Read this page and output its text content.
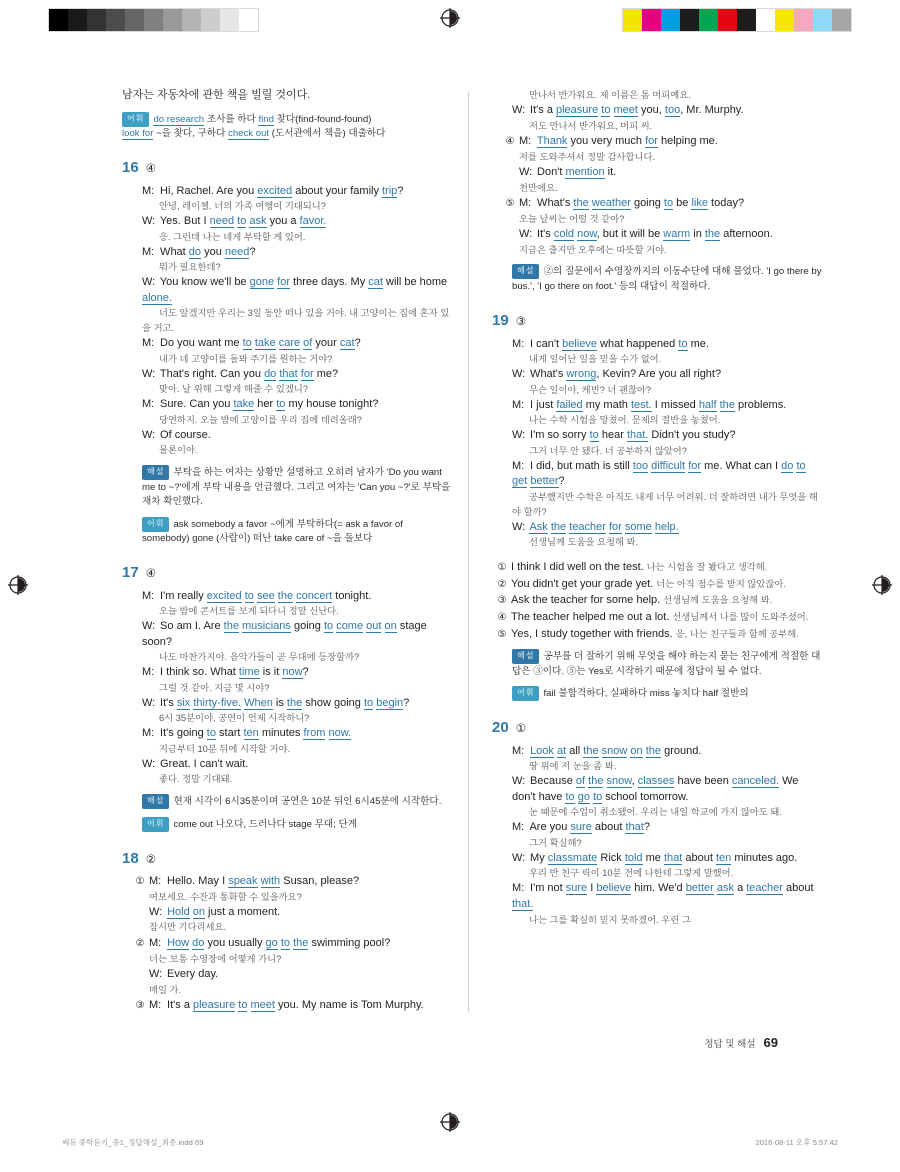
남자는 자동차에 관한 책을 빌릴 것이다.
어휘 do research 조사를 하다 find 찾다(find-found-found)
look for ~을 찾다, 구하다 check out (도서관에서 책을) 대출하다
16 ④
M: Hi, Rachel. Are you excited about your family trip?
안녕, 레이첼. 너의 가족 여행이 기대되니?
W: Yes. But I need to ask you a favor.
응. 그런데 나는 네게 부탁할 게 있어.
M: What do you need?
뭐가 필요한데?
W: You know we'll be gone for three days. My cat will be home alone.
너도 알겠지만 우리는 3일 동안 떠나 있을 거야. 내 고양이는 집에 혼자 있을 거고.
M: Do you want me to take care of your cat?
내가 네 고양이를 돌봐 주기를 원하는 거야?
W: That's right. Can you do that for me?
맞아. 날 위해 그렇게 해줄 수 있겠니?
M: Sure. Can you take her to my house tonight?
당연하지. 오늘 밤에 고양이를 우리 집에 데려올래?
W: Of course.
물론이야.
해설 부탁을 하는 여자는 상황만 설명하고 오히려 남자가 'Do you want me to ~?'에게 부탁 내용을 언급했다. 그리고 여자는 'Can you ~?'로 부탁을 재차 확인했다.
어휘 ask somebody a favor ~에게 부탁하다(= ask a favor of somebody) gone (사람이) 떠난 take care of ~을 돌보다
17 ④
M: I'm really excited to see the concert tonight.
오늘 밤에 콘서트를 보게 되다니 정말 신난다.
W: So am I. Are the musicians going to come out on stage soon?
나도 마찬가지야. 음악가들이 곧 무대에 등장할까?
M: I think so. What time is it now?
그럴 것 같아. 지금 몇 시야?
W: It's six thirty-five. When is the show going to begin?
6시 35분이야. 공연이 언제 시작하니?
M: It's going to start ten minutes from now.
지금부터 10분 뒤에 시작할 거야.
W: Great. I can't wait.
좋다. 정말 기대돼.
해설 현재 시각이 6시35분이며 공연은 10분 뒤인 6시45분에 시작한다.
어휘 come out 나오다, 드러나다 stage 무대; 단계
18 ②
① M: Hello. May I speak with Susan, please?
여보세요. 수잔과 통화할 수 있을까요?
W: Hold on just a moment.
잠시만 기다리세요.
② M: How do you usually go to the swimming pool?
너는 보통 수영장에 어떻게 가니?
W: Every day.
매일 가.
③ M: It's a pleasure to meet you. My name is Tom Murphy.
만나서 반가워요. 제 이름은 톰 머피예요.
W: It's a pleasure to meet you, too, Mr. Murphy.
저도 만나서 반가워요, 머피 씨.
④ M: Thank you very much for helping me.
저를 도와주셔서 정말 감사합니다.
W: Don't mention it.
천만에요.
⑤ M: What's the weather going to be like today?
오늘 날씨는 어떨 것 같아?
W: It's cold now, but it will be warm in the afternoon.
지금은 춥지만 오후에는 따뜻할 거야.
해설 ②의 질문에서 수영장까지의 이동수단에 대해 물었다. 'I go there by bus.', 'I go there on foot.' 등의 대답이 적절하다.
19 ③
M: I can't believe what happened to me.
내게 일어난 일을 믿을 수가 없어.
W: What's wrong, Kevin? Are you all right?
무슨 일이야, 케빈? 너 괜찮아?
M: I just failed my math test. I missed half the problems.
나는 수학 시험을 망쳤어. 문제의 절반을 놓쳤어.
W: I'm so sorry to hear that. Didn't you study?
그거 너무 안 됐다. 너 공부하지 않았어?
M: I did, but math is still too difficult for me. What can I do to get better?
공부했지만 수학은 아직도 내게 너무 어려워. 더 잘하려면 내가 무엇을 해야 할까?
W: Ask the teacher for some help.
선생님께 도움을 요청해 봐.
① I think I did well on the test. 나는 시험을 잘 봤다고 생각해.
② You didn't get your grade yet. 너는 아직 점수를 받지 않았잖아.
③ Ask the teacher for some help. 선생님께 도움을 요청해 봐.
④ The teacher helped me out a lot. 선생님께서 나를 많이 도와주셨어.
⑤ Yes, I study together with friends. 응, 나는 친구들과 함께 공부해.
해설 공부를 더 잘하기 위해 무엇을 해야 하는지 묻는 친구에게 적절한 대답은 ③이다. ⑤는 Yes로 시작하기 때문에 정답이 될 수 없다.
어휘 fail 불합격하다, 실패하다 miss 놓치다 half 절반의
20 ①
M: Look at all the snow on the ground.
땅 위에 저 눈을 좀 봐.
W: Because of the snow, classes have been canceled. We don't have to go to school tomorrow.
눈 때문에 수업이 취소됐어. 우리는 내일 학교에 가지 않아도 돼.
M: Are you sure about that?
그거 확실해?
W: My classmate Rick told me that about ten minutes ago.
우리 반 친구 릭이 10분 전에 나한테 그렇게 말했어.
M: I'm not sure I believe him. We'd better ask a teacher about that.
나는 그를 확실히 믿지 못하겠어. 우린 그
정답 및 해설 69
쎄듀 중학듣기_중1_정답해설_최종.indd 69	2016-08-11 오후 5:57:42
